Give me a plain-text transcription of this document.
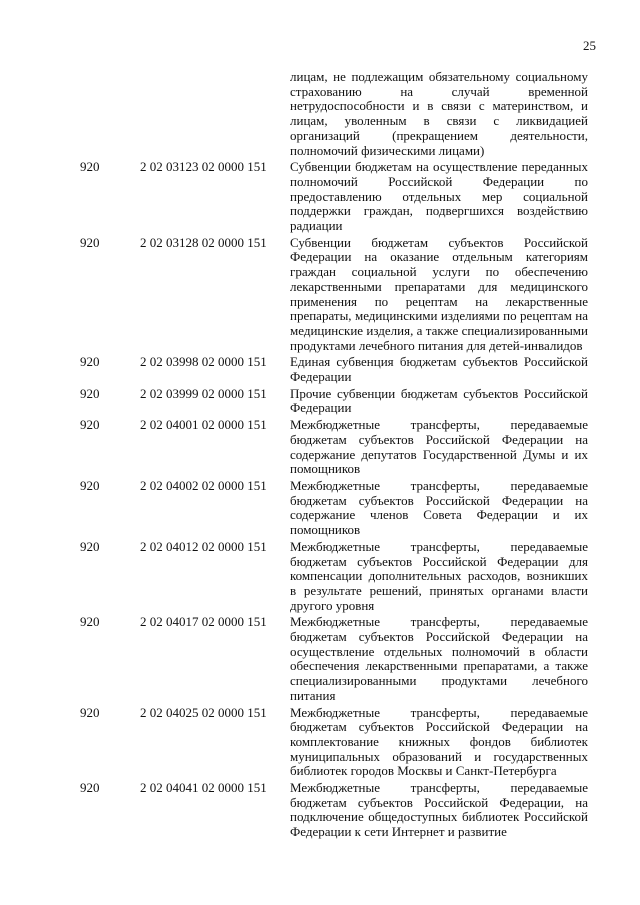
25
лицам, не подлежащим обязательному социальному страхованию на случай временной нетрудоспособности и в связи с материнством, и лицам, уволенным в связи с ликвидацией организаций (прекращением деятельности, полномочий физическими лицами)
920	2 02 03123 02 0000 151	Субвенции бюджетам на осуществление переданных полномочий Российской Федерации по предоставлению отдельных мер социальной поддержки граждан, подвергшихся воздействию радиации
920	2 02 03128 02 0000 151	Субвенции бюджетам субъектов Российской Федерации на оказание отдельным категориям граждан социальной услуги по обеспечению лекарственными препаратами для медицинского применения по рецептам на лекарственные препараты, медицинскими изделиями по рецептам на медицинские изделия, а также специализированными продуктами лечебного питания для детей-инвалидов
920	2 02 03998 02 0000 151	Единая субвенция бюджетам субъектов Российской Федерации
920	2 02 03999 02 0000 151	Прочие субвенции бюджетам субъектов Российской Федерации
920	2 02 04001 02 0000 151	Межбюджетные трансферты, передаваемые бюджетам субъектов Российской Федерации на содержание депутатов Государственной Думы и их помощников
920	2 02 04002 02 0000 151	Межбюджетные трансферты, передаваемые бюджетам субъектов Российской Федерации на содержание членов Совета Федерации и их помощников
920	2 02 04012 02 0000 151	Межбюджетные трансферты, передаваемые бюджетам субъектов Российской Федерации для компенсации дополнительных расходов, возникших в результате решений, принятых органами власти другого уровня
920	2 02 04017 02 0000 151	Межбюджетные трансферты, передаваемые бюджетам субъектов Российской Федерации на осуществление отдельных полномочий в области обеспечения лекарственными препаратами, а также специализированными продуктами лечебного питания
920	2 02 04025 02 0000 151	Межбюджетные трансферты, передаваемые бюджетам субъектов Российской Федерации на комплектование книжных фондов библиотек муниципальных образований и государственных библиотек городов Москвы и Санкт-Петербурга
920	2 02 04041 02 0000 151	Межбюджетные трансферты, передаваемые бюджетам субъектов Российской Федерации, на подключение общедоступных библиотек Российской Федерации к сети Интернет и развитие
